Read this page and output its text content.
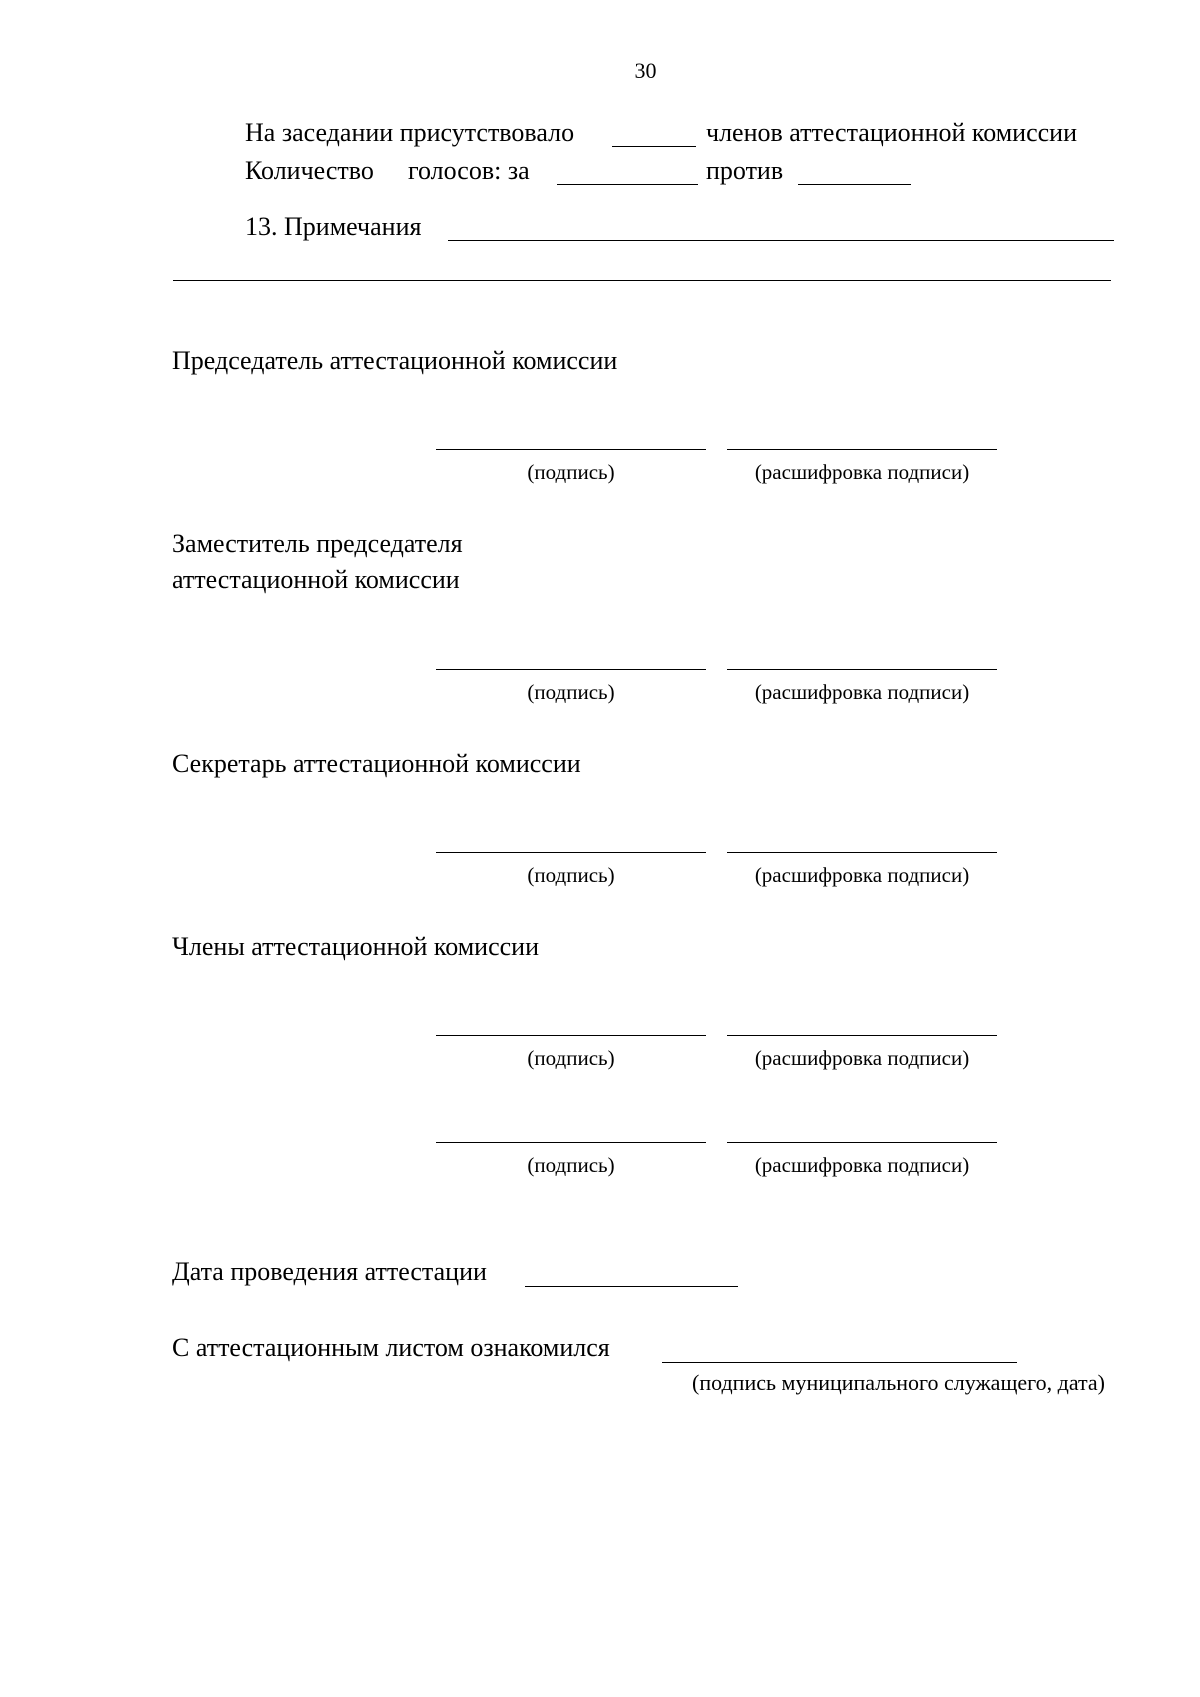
30
На заседании присутствовало	членов аттестационной комиссии
Количество голосов: за	против
13. Примечания
Председатель аттестационной комиссии
(подпись)	(расшифровка подписи)
Заместитель председателя
аттестационной комиссии
(подпись)	(расшифровка подписи)
Секретарь аттестационной комиссии
(подпись)	(расшифровка подписи)
Члены аттестационной комиссии
(подпись)	(расшифровка подписи)
(подпись)	(расшифровка подписи)
Дата проведения аттестации
С аттестационным листом ознакомился
(подпись муниципального служащего, дата)
